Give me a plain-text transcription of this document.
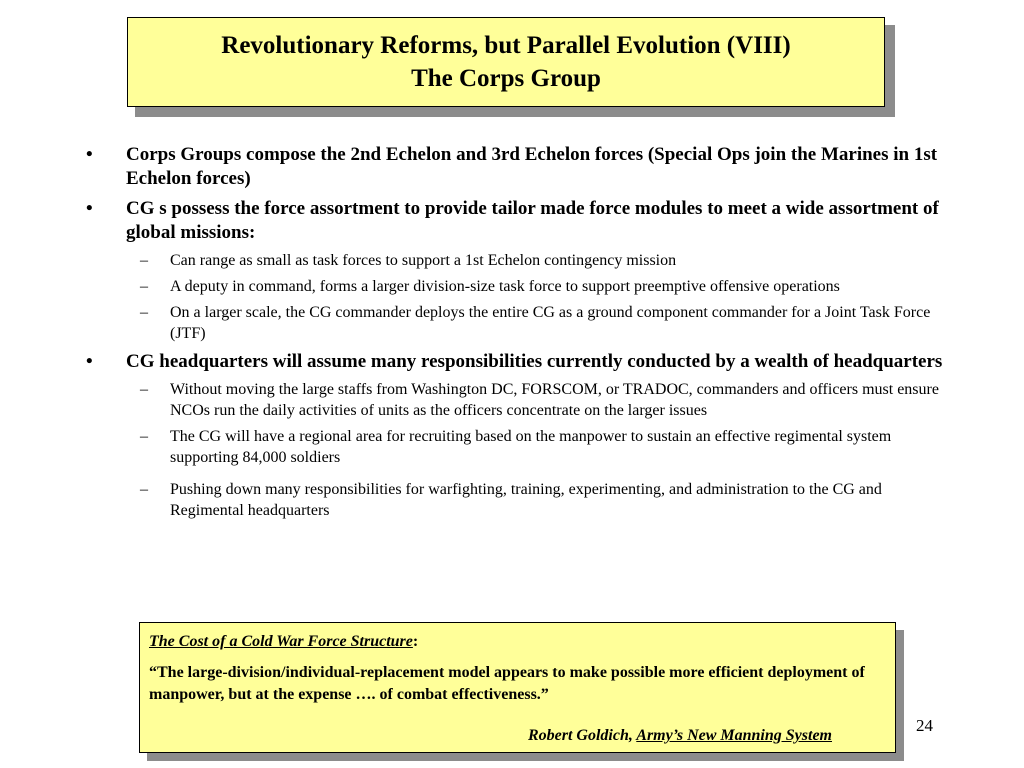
Revolutionary Reforms, but Parallel Evolution (VIII)
The Corps Group
• Corps Groups compose the 2nd Echelon and 3rd Echelon forces (Special Ops join the Marines in 1st Echelon forces)
• CG s possess the force assortment to provide tailor made force modules to meet a wide assortment of global missions:
– Can range as small as task forces to support a 1st Echelon contingency mission
– A deputy in command, forms a larger division-size task force to support preemptive offensive operations
– On a larger scale, the CG commander deploys the entire CG as a ground component commander for a Joint Task Force (JTF)
• CG headquarters will assume many responsibilities currently conducted by a wealth of headquarters
– Without moving the large staffs from Washington DC, FORSCOM, or TRADOC, commanders and officers must ensure NCOs run the daily activities of units as the officers concentrate on the larger issues
– The CG will have a regional area for recruiting based on the manpower to sustain an effective regimental system supporting 84,000 soldiers
– Pushing down many responsibilities for warfighting, training, experimenting, and administration to the CG and Regimental headquarters
The Cost of a Cold War Force Structure:
“The large-division/individual-replacement model appears to make possible more efficient deployment of manpower, but at the expense …. of combat effectiveness.”
Robert Goldich, Army’s New Manning System
24
